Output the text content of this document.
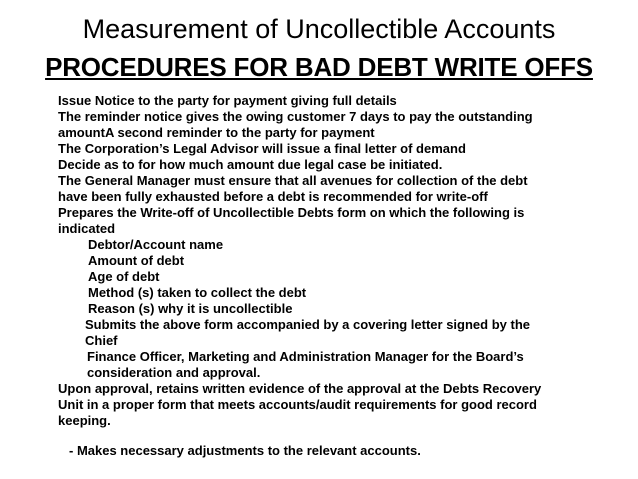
Measurement of Uncollectible Accounts
PROCEDURES FOR BAD DEBT WRITE OFFS
Issue Notice to the party for payment giving full details
The reminder notice gives the owing customer 7 days to pay the outstanding
amountA second reminder to the party for payment
The Corporation’s Legal Advisor will issue a final letter of demand
Decide as to for how much amount due legal case be initiated.
The General Manager must ensure that all avenues for collection of the debt
have been fully exhausted before a debt is recommended for write-off
Prepares the Write-off of Uncollectible Debts form on which the following is
indicated
Debtor/Account name
Amount of debt
Age of debt
Method (s) taken to collect the debt
Reason (s) why it is uncollectible
Submits the above form accompanied by a covering letter signed by the
Chief
Finance Officer, Marketing and Administration Manager for the Board’s
consideration and approval.
Upon approval, retains written evidence of the approval at the Debts Recovery
Unit in a proper form that meets accounts/audit requirements for good record
keeping.
- Makes necessary adjustments to the relevant accounts.
